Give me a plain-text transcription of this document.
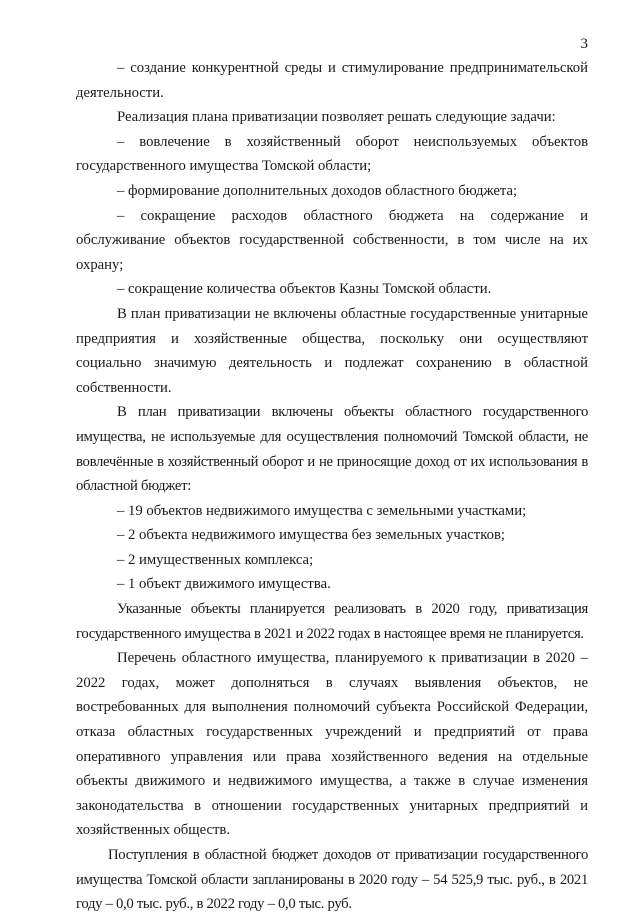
3

– создание конкурентной среды и стимулирование предпринимательской деятельности.

Реализация плана приватизации позволяет решать следующие задачи:

– вовлечение в хозяйственный оборот неиспользуемых объектов государственного имущества Томской области;

– формирование дополнительных доходов областного бюджета;

– сокращение расходов областного бюджета на содержание и обслуживание объектов государственной собственности, в том числе на их охрану;

– сокращение количества объектов Казны Томской области.

В план приватизации не включены областные государственные унитарные предприятия и хозяйственные общества, поскольку они осуществляют социально значимую деятельность и подлежат сохранению в областной собственности.

В план приватизации включены объекты областного государственного имущества, не используемые для осуществления полномочий Томской области, не вовлечённые в хозяйственный оборот и не приносящие доход от их использования в областной бюджет:

– 19 объектов недвижимого имущества с земельными участками;

– 2 объекта недвижимого имущества без земельных участков;

– 2 имущественных комплекса;

– 1 объект движимого имущества.

Указанные объекты планируется реализовать в 2020 году, приватизация государственного имущества в 2021 и 2022 годах в настоящее время не планируется.

Перечень областного имущества, планируемого к приватизации в 2020 – 2022 годах, может дополняться в случаях выявления объектов, не востребованных для выполнения полномочий субъекта Российской Федерации, отказа областных государственных учреждений и предприятий от права оперативного управления или права хозяйственного ведения на отдельные объекты движимого и недвижимого имущества, а также в случае изменения законодательства в отношении государственных унитарных предприятий и хозяйственных обществ.

Поступления в областной бюджет доходов от приватизации государственного имущества Томской области запланированы в 2020 году – 54 525,9 тыс. руб., в 2021 году – 0,0 тыс. руб., в 2022 году – 0,0 тыс. руб.
